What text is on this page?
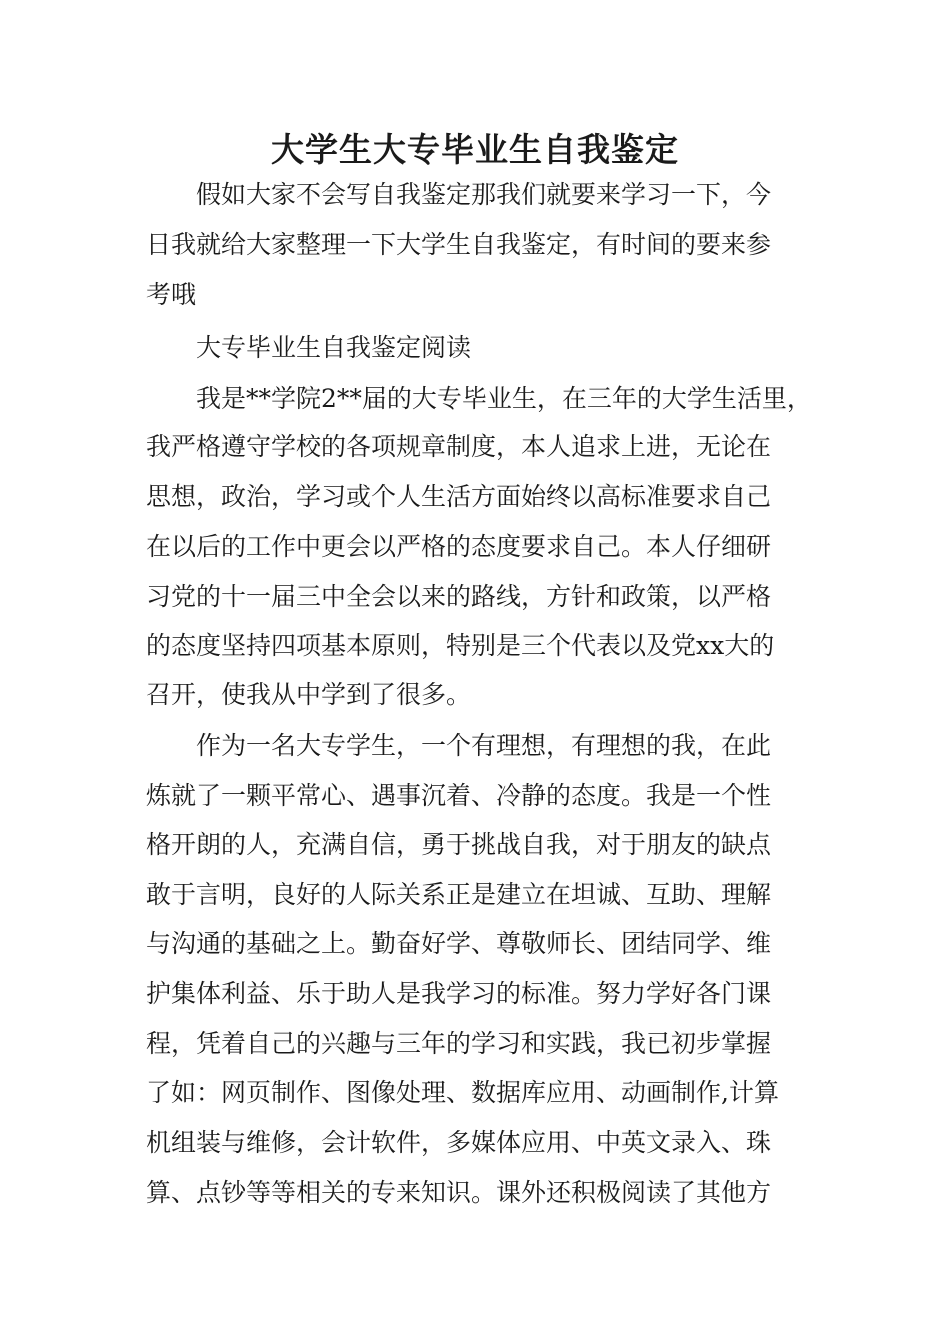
大学生大专毕业生自我鉴定
假如大家不会写自我鉴定那我们就要来学习一下，今
日我就给大家整理一下大学生自我鉴定，有时间的要来参
考哦
大专毕业生自我鉴定阅读
我是**学院2**届的大专毕业生，在三年的大学生活里，
我严格遵守学校的各项规章制度，本人追求上进，无论在
思想，政治，学习或个人生活方面始终以高标准要求自己
在以后的工作中更会以严格的态度要求自己。本人仔细研
习党的十一届三中全会以来的路线，方针和政策，以严格
的态度坚持四项基本原则，特别是三个代表以及党xx大的
召开，使我从中学到了很多。
作为一名大专学生，一个有理想，有理想的我，在此
炼就了一颗平常心、遇事沉着、冷静的态度。我是一个性
格开朗的人，充满自信，勇于挑战自我，对于朋友的缺点
敢于言明，良好的人际关系正是建立在坦诚、互助、理解
与沟通的基础之上。勤奋好学、尊敬师长、团结同学、维
护集体利益、乐于助人是我学习的标准。努力学好各门课
程，凭着自己的兴趣与三年的学习和实践，我已初步掌握
了如：网页制作、图像处理、数据库应用、动画制作,计算
机组装与维修，会计软件，多媒体应用、中英文录入、珠
算、点钞等等相关的专来知识。课外还积极阅读了其他方
